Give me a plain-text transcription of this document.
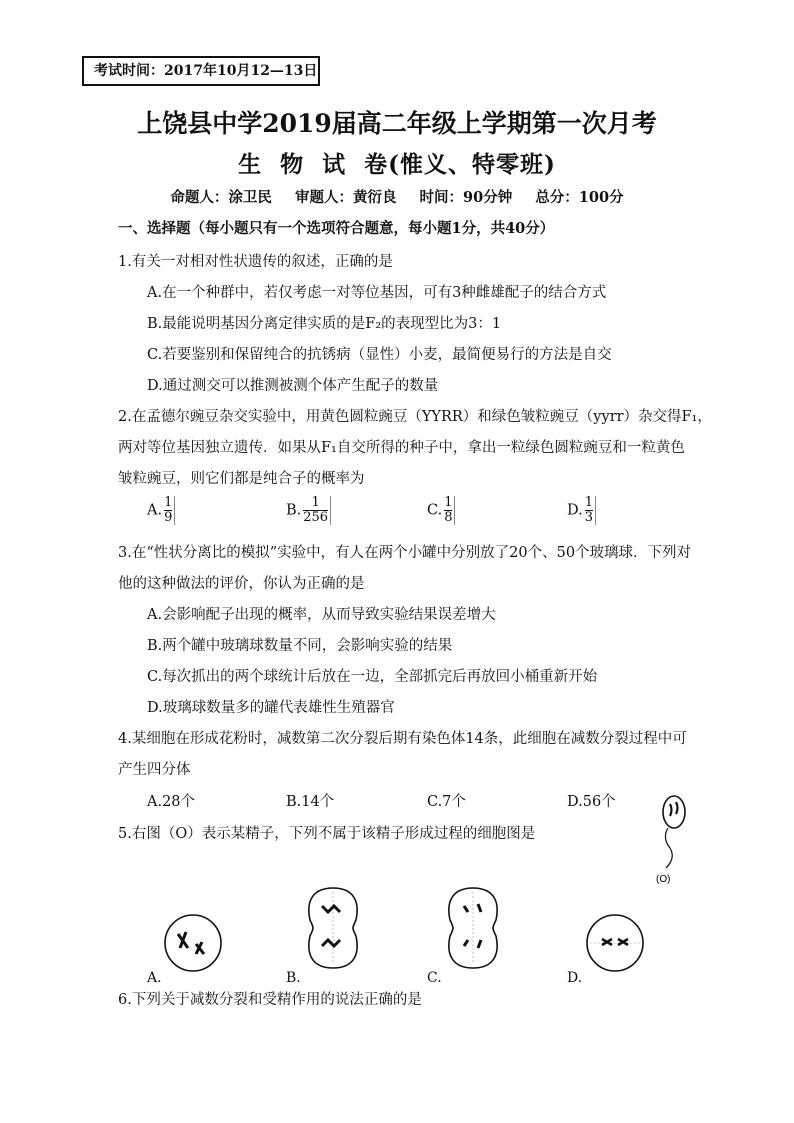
考试时间：2017年10月12—13日
上饶县中学2019届高二年级上学期第一次月考
生  物  试  卷(惟义、特零班)
命题人：涂卫民 审题人：黄衍良 时间：90分钟 总分：100分
一、选择题（每小题只有一个选项符合题意，每小题1分，共40分）
1.有关一对相对性状遗传的叙述，正确的是
A.在一个种群中，若仅考虑一对等位基因，可有3种雌雄配子的结合方式
B.最能说明基因分离定律实质的是F₂的表现型比为3：1
C.若要鉴别和保留纯合的抗锈病（显性）小麦，最简便易行的方法是自交
D.通过测交可以推测被测个体产生配子的数量
2.在孟德尔豌豆杂交实验中，用黄色圆粒豌豆（YYRR）和绿色皱粒豌豆（yyrr）杂交得F₁，
两对等位基因独立遗传．如果从F₁自交所得的种子中，拿出一粒绿色圆粒豌豆和一粒黄色
皱粒豌豆，则它们都是纯合子的概率为
A. $\frac{1}{9}$	B. $\frac{1}{256}$	C. $\frac{1}{8}$	D. $\frac{1}{3}$
3.在“性状分离比的模拟”实验中，有人在两个小罐中分别放了20个、50个玻璃球．下列对
他的这种做法的评价，你认为正确的是
A.会影响配子出现的概率，从而导致实验结果误差增大
B.两个罐中玻璃球数量不同，会影响实验的结果
C.每次抓出的两个球统计后放在一边，全部抓完后再放回小桶重新开始
D.玻璃球数量多的罐代表雄性生殖器官
4.某细胞在形成花粉时，减数第二次分裂后期有染色体14条，此细胞在减数分裂过程中可
产生四分体
A.28个	B.14个	C.7个	D.56个
(O)
5.右图（O）表示某精子，下列不属于该精子形成过程的细胞图是
A.	B.	C.	D.
6.下列关于减数分裂和受精作用的说法正确的是
